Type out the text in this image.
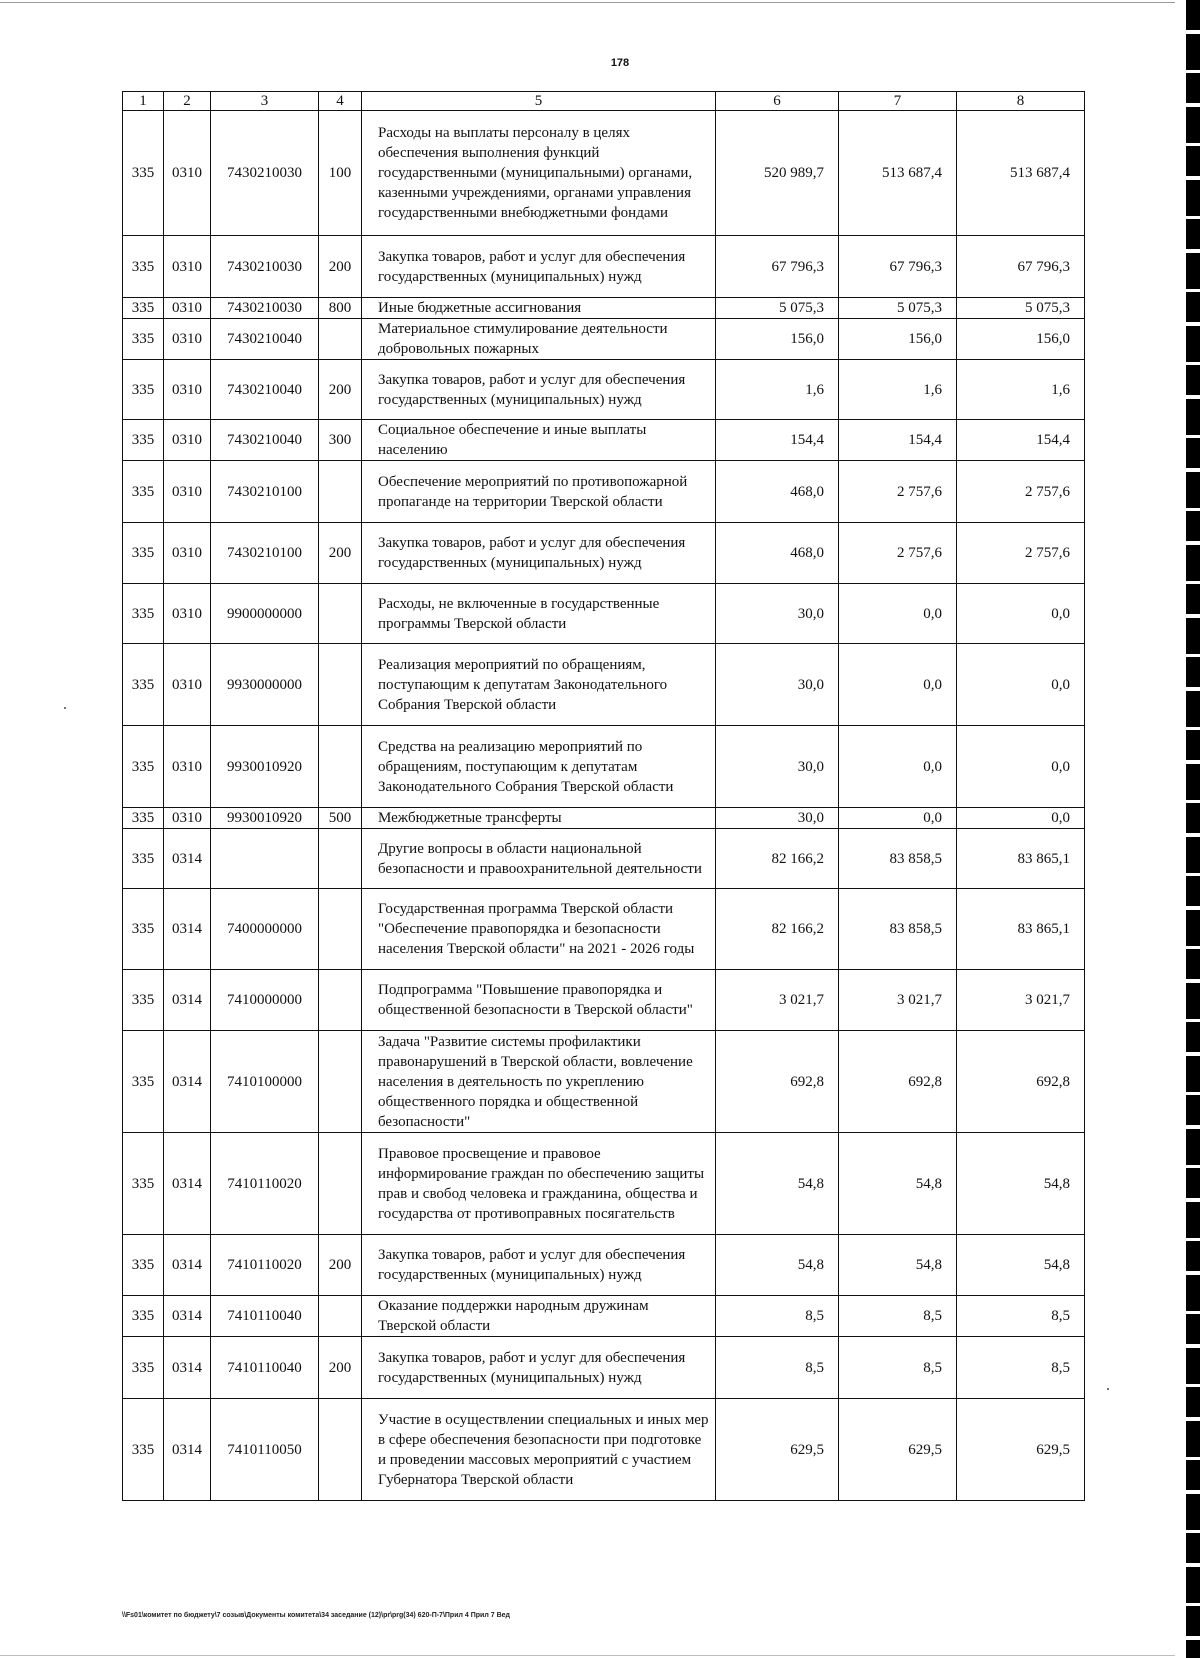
178
1	2	3	4	5	6	7	8
335	0310	7430210030	100	Расходы на выплаты персоналу в целях обеспечения выполнения функций государственными (муниципальными) органами, казенными учреждениями, органами управления государственными внебюджетными фондами	520 989,7	513 687,4	513 687,4
335	0310	7430210030	200	Закупка товаров, работ и услуг для обеспечения государственных (муниципальных) нужд	67 796,3	67 796,3	67 796,3
335	0310	7430210030	800	Иные бюджетные ассигнования	5 075,3	5 075,3	5 075,3
335	0310	7430210040		Материальное стимулирование деятельности добровольных пожарных	156,0	156,0	156,0
335	0310	7430210040	200	Закупка товаров, работ и услуг для обеспечения государственных (муниципальных) нужд	1,6	1,6	1,6
335	0310	7430210040	300	Социальное обеспечение и иные выплаты населению	154,4	154,4	154,4
335	0310	7430210100		Обеспечение мероприятий по противопожарной пропаганде на территории Тверской области	468,0	2 757,6	2 757,6
335	0310	7430210100	200	Закупка товаров, работ и услуг для обеспечения государственных (муниципальных) нужд	468,0	2 757,6	2 757,6
335	0310	9900000000		Расходы, не включенные в государственные программы Тверской области	30,0	0,0	0,0
335	0310	9930000000		Реализация мероприятий по обращениям, поступающим к депутатам Законодательного Собрания Тверской области	30,0	0,0	0,0
335	0310	9930010920		Средства на реализацию мероприятий по обращениям, поступающим к депутатам Законодательного Собрания Тверской области	30,0	0,0	0,0
335	0310	9930010920	500	Межбюджетные трансферты	30,0	0,0	0,0
335	0314			Другие вопросы в области национальной безопасности и правоохранительной деятельности	82 166,2	83 858,5	83 865,1
335	0314	7400000000		Государственная программа Тверской области "Обеспечение правопорядка и безопасности населения Тверской области" на 2021 - 2026 годы	82 166,2	83 858,5	83 865,1
335	0314	7410000000		Подпрограмма "Повышение правопорядка и общественной безопасности в Тверской области"	3 021,7	3 021,7	3 021,7
335	0314	7410100000		Задача "Развитие системы профилактики правонарушений в Тверской области, вовлечение населения в деятельность по укреплению общественного порядка и общественной безопасности"	692,8	692,8	692,8
335	0314	7410110020		Правовое просвещение и правовое информирование граждан по обеспечению защиты прав и свобод человека и гражданина, общества и государства от противоправных посягательств	54,8	54,8	54,8
335	0314	7410110020	200	Закупка товаров, работ и услуг для обеспечения государственных (муниципальных) нужд	54,8	54,8	54,8
335	0314	7410110040		Оказание поддержки народным дружинам Тверской области	8,5	8,5	8,5
335	0314	7410110040	200	Закупка товаров, работ и услуг для обеспечения государственных (муниципальных) нужд	8,5	8,5	8,5
335	0314	7410110050		Участие в осуществлении специальных и иных мер в сфере обеспечения безопасности при подготовке и проведении массовых мероприятий с участием Губернатора Тверской области	629,5	629,5	629,5
\\Fs01\комитет по бюджету\7 созыв\Документы комитета\34 заседание (12)\pr\prg(34) 620-П-7\Прил 4 Прил 7 Вед
